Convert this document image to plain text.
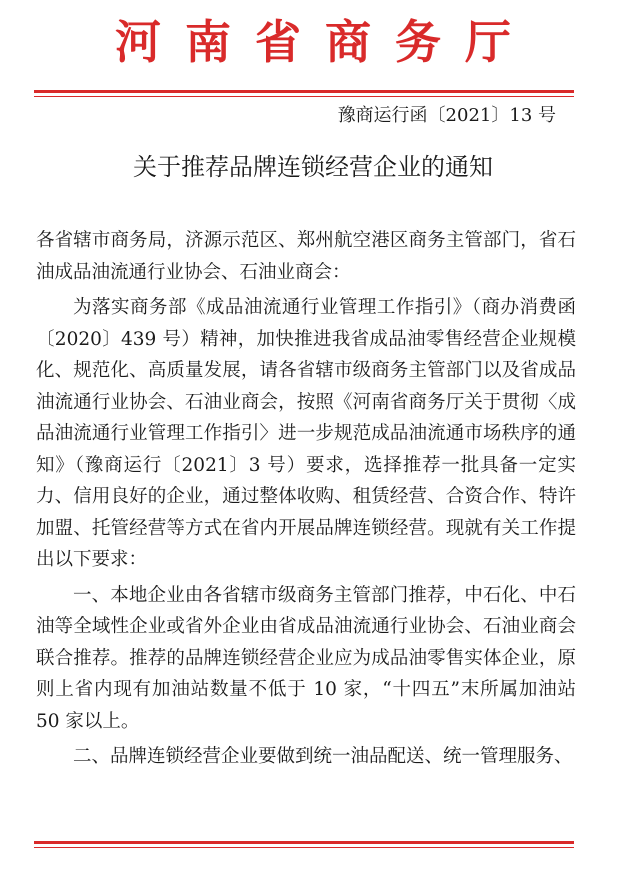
河南省商务厅
豫商运行函〔2021〕13 号
关于推荐品牌连锁经营企业的通知

各省辖市商务局，济源示范区、郑州航空港区商务主管部门，省石油成品油流通行业协会、石油业商会：

为落实商务部《成品油流通行业管理工作指引》（商办消费函〔2020〕439 号）精神，加快推进我省成品油零售经营企业规模化、规范化、高质量发展，请各省辖市级商务主管部门以及省成品油流通行业协会、石油业商会，按照《河南省商务厅关于贯彻〈成品油流通行业管理工作指引〉进一步规范成品油流通市场秩序的通知》（豫商运行〔2021〕3 号）要求，选择推荐一批具备一定实力、信用良好的企业，通过整体收购、租赁经营、合资合作、特许加盟、托管经营等方式在省内开展品牌连锁经营。现就有关工作提出以下要求：

一、本地企业由各省辖市级商务主管部门推荐，中石化、中石油等全域性企业或省外企业由省成品油流通行业协会、石油业商会联合推荐。推荐的品牌连锁经营企业应为成品油零售实体企业，原则上省内现有加油站数量不低于 10 家，“十四五”末所属加油站 50 家以上。

二、品牌连锁经营企业要做到统一油品配送、统一管理服务、
